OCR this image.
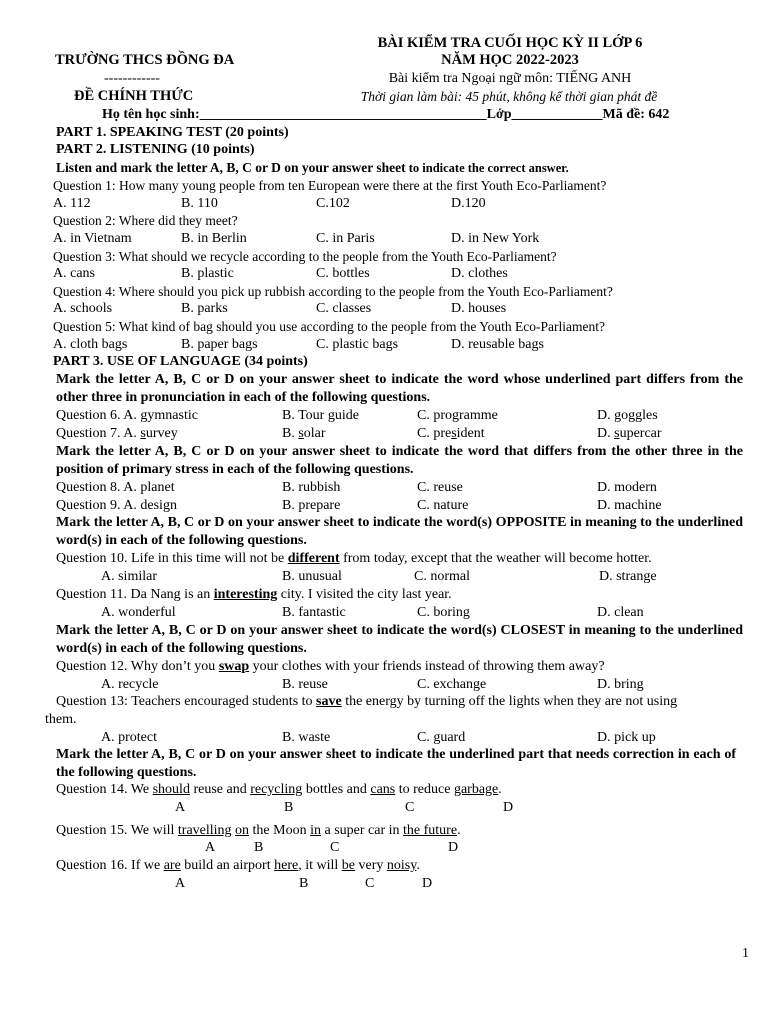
TRƯỜNG THCS ĐỒNG ĐA
------------
ĐỀ CHÍNH THỨC
BÀI KIỂM TRA CUỐI HỌC KỲ II LỚP 6
NĂM HỌC 2022-2023
Bài kiểm tra Ngoại ngữ môn: TIẾNG ANH
Thời gian làm bài: 45 phút, không kể thời gian phát đề
Họ tên học sinh:_________________________________________Lớp_____________Mã đề: 642
PART 1. SPEAKING TEST (20 points)
PART 2. LISTENING (10 points)
Listen and mark the letter A, B, C or D on your answer sheet to indicate the correct answer.
Question 1: How many young people from ten European were there at the first Youth Eco-Parliament?
A. 112	B. 110	C.102	D.120
Question 2: Where did they meet?
A. in Vietnam	B. in Berlin	C. in Paris	D. in New York
Question 3: What should we recycle according to the people from the Youth Eco-Parliament?
A. cans	B. plastic	C. bottles	D. clothes
Question 4: Where should you pick up rubbish according to the people from the Youth Eco-Parliament?
A. schools	B. parks	C. classes	D. houses
Question 5: What kind of bag should you use according to the people from the Youth Eco-Parliament?
A. cloth bags	B. paper bags	C. plastic bags	D. reusable bags
PART 3. USE OF LANGUAGE (34 points)
Mark the letter A, B, C or D on your answer sheet to indicate the word whose underlined part differs from the other three in pronunciation in each of the following questions.
Question 6. A. gymnastic	B. Tour guide	C. programme	D. goggles
Question 7. A. survey	B. solar	C. president	D. supercar
Mark the letter A, B, C or D on your answer sheet to indicate the word that differs from the other three in the position of primary stress in each of the following questions.
Question 8. A. planet	B. rubbish	C. reuse	D. modern
Question 9. A. design	B. prepare	C. nature	D. machine
Mark the letter A, B, C or D on your answer sheet to indicate the word(s) OPPOSITE in meaning to the underlined word(s) in each of the following questions.
Question 10. Life in this time will not be different from today, except that the weather will become hotter.
A. similar	B. unusual	C. normal	D. strange
Question 11. Da Nang is an interesting city. I visited the city last year.
A. wonderful	B. fantastic	C. boring	D. clean
Mark the letter A, B, C or D on your answer sheet to indicate the word(s) CLOSEST in meaning to the underlined word(s) in each of the following questions.
Question 12. Why don’t you swap your clothes with your friends instead of throwing them away?
A. recycle	B. reuse	C. exchange	D. bring
Question 13: Teachers encouraged students to save the energy by turning off the lights when they are not using
them.
A. protect	B. waste	C. guard	D. pick up
Mark the letter A, B, C or D on your answer sheet to indicate the underlined part that needs correction in each of the following questions.
Question 14. We should reuse and recycling bottles and cans to reduce garbage.
A	B	C	D
Question 15. We will travelling on the Moon in a super car in the future.
A	B	C	D
Question 16. If we are build an airport here, it will be very noisy.
A	B	C	D
1
